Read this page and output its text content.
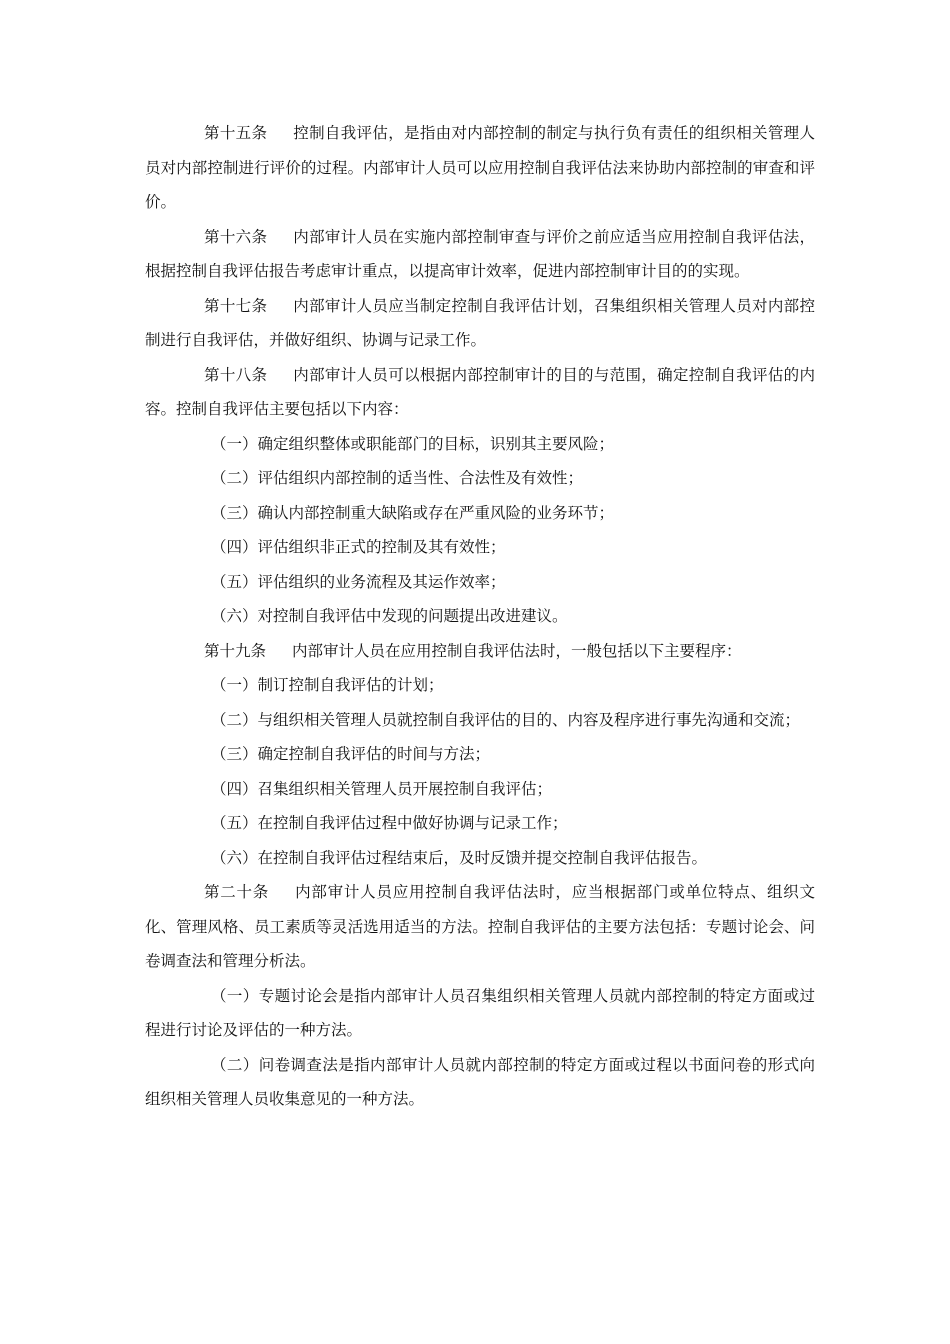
第十五条 控制自我评估，是指由对内部控制的制定与执行负有责任的组织相关管理人员对内部控制进行评价的过程。内部审计人员可以应用控制自我评估法来协助内部控制的审查和评价。

第十六条 内部审计人员在实施内部控制审查与评价之前应适当应用控制自我评估法，根据控制自我评估报告考虑审计重点，以提高审计效率，促进内部控制审计目的的实现。

第十七条 内部审计人员应当制定控制自我评估计划，召集组织相关管理人员对内部控制进行自我评估，并做好组织、协调与记录工作。

第十八条 内部审计人员可以根据内部控制审计的目的与范围，确定控制自我评估的内容。控制自我评估主要包括以下内容：

（一）确定组织整体或职能部门的目标，识别其主要风险；

（二）评估组织内部控制的适当性、合法性及有效性；

（三）确认内部控制重大缺陷或存在严重风险的业务环节；

（四）评估组织非正式的控制及其有效性；

（五）评估组织的业务流程及其运作效率；

（六）对控制自我评估中发现的问题提出改进建议。

第十九条 内部审计人员在应用控制自我评估法时，一般包括以下主要程序：

（一）制订控制自我评估的计划；

（二）与组织相关管理人员就控制自我评估的目的、内容及程序进行事先沟通和交流；

（三）确定控制自我评估的时间与方法；

（四）召集组织相关管理人员开展控制自我评估；

（五）在控制自我评估过程中做好协调与记录工作；

（六）在控制自我评估过程结束后，及时反馈并提交控制自我评估报告。

第二十条 内部审计人员应用控制自我评估法时，应当根据部门或单位特点、组织文化、管理风格、员工素质等灵活选用适当的方法。控制自我评估的主要方法包括：专题讨论会、问卷调查法和管理分析法。

（一）专题讨论会是指内部审计人员召集组织相关管理人员就内部控制的特定方面或过程进行讨论及评估的一种方法。

（二）问卷调查法是指内部审计人员就内部控制的特定方面或过程以书面问卷的形式向组织相关管理人员收集意见的一种方法。
